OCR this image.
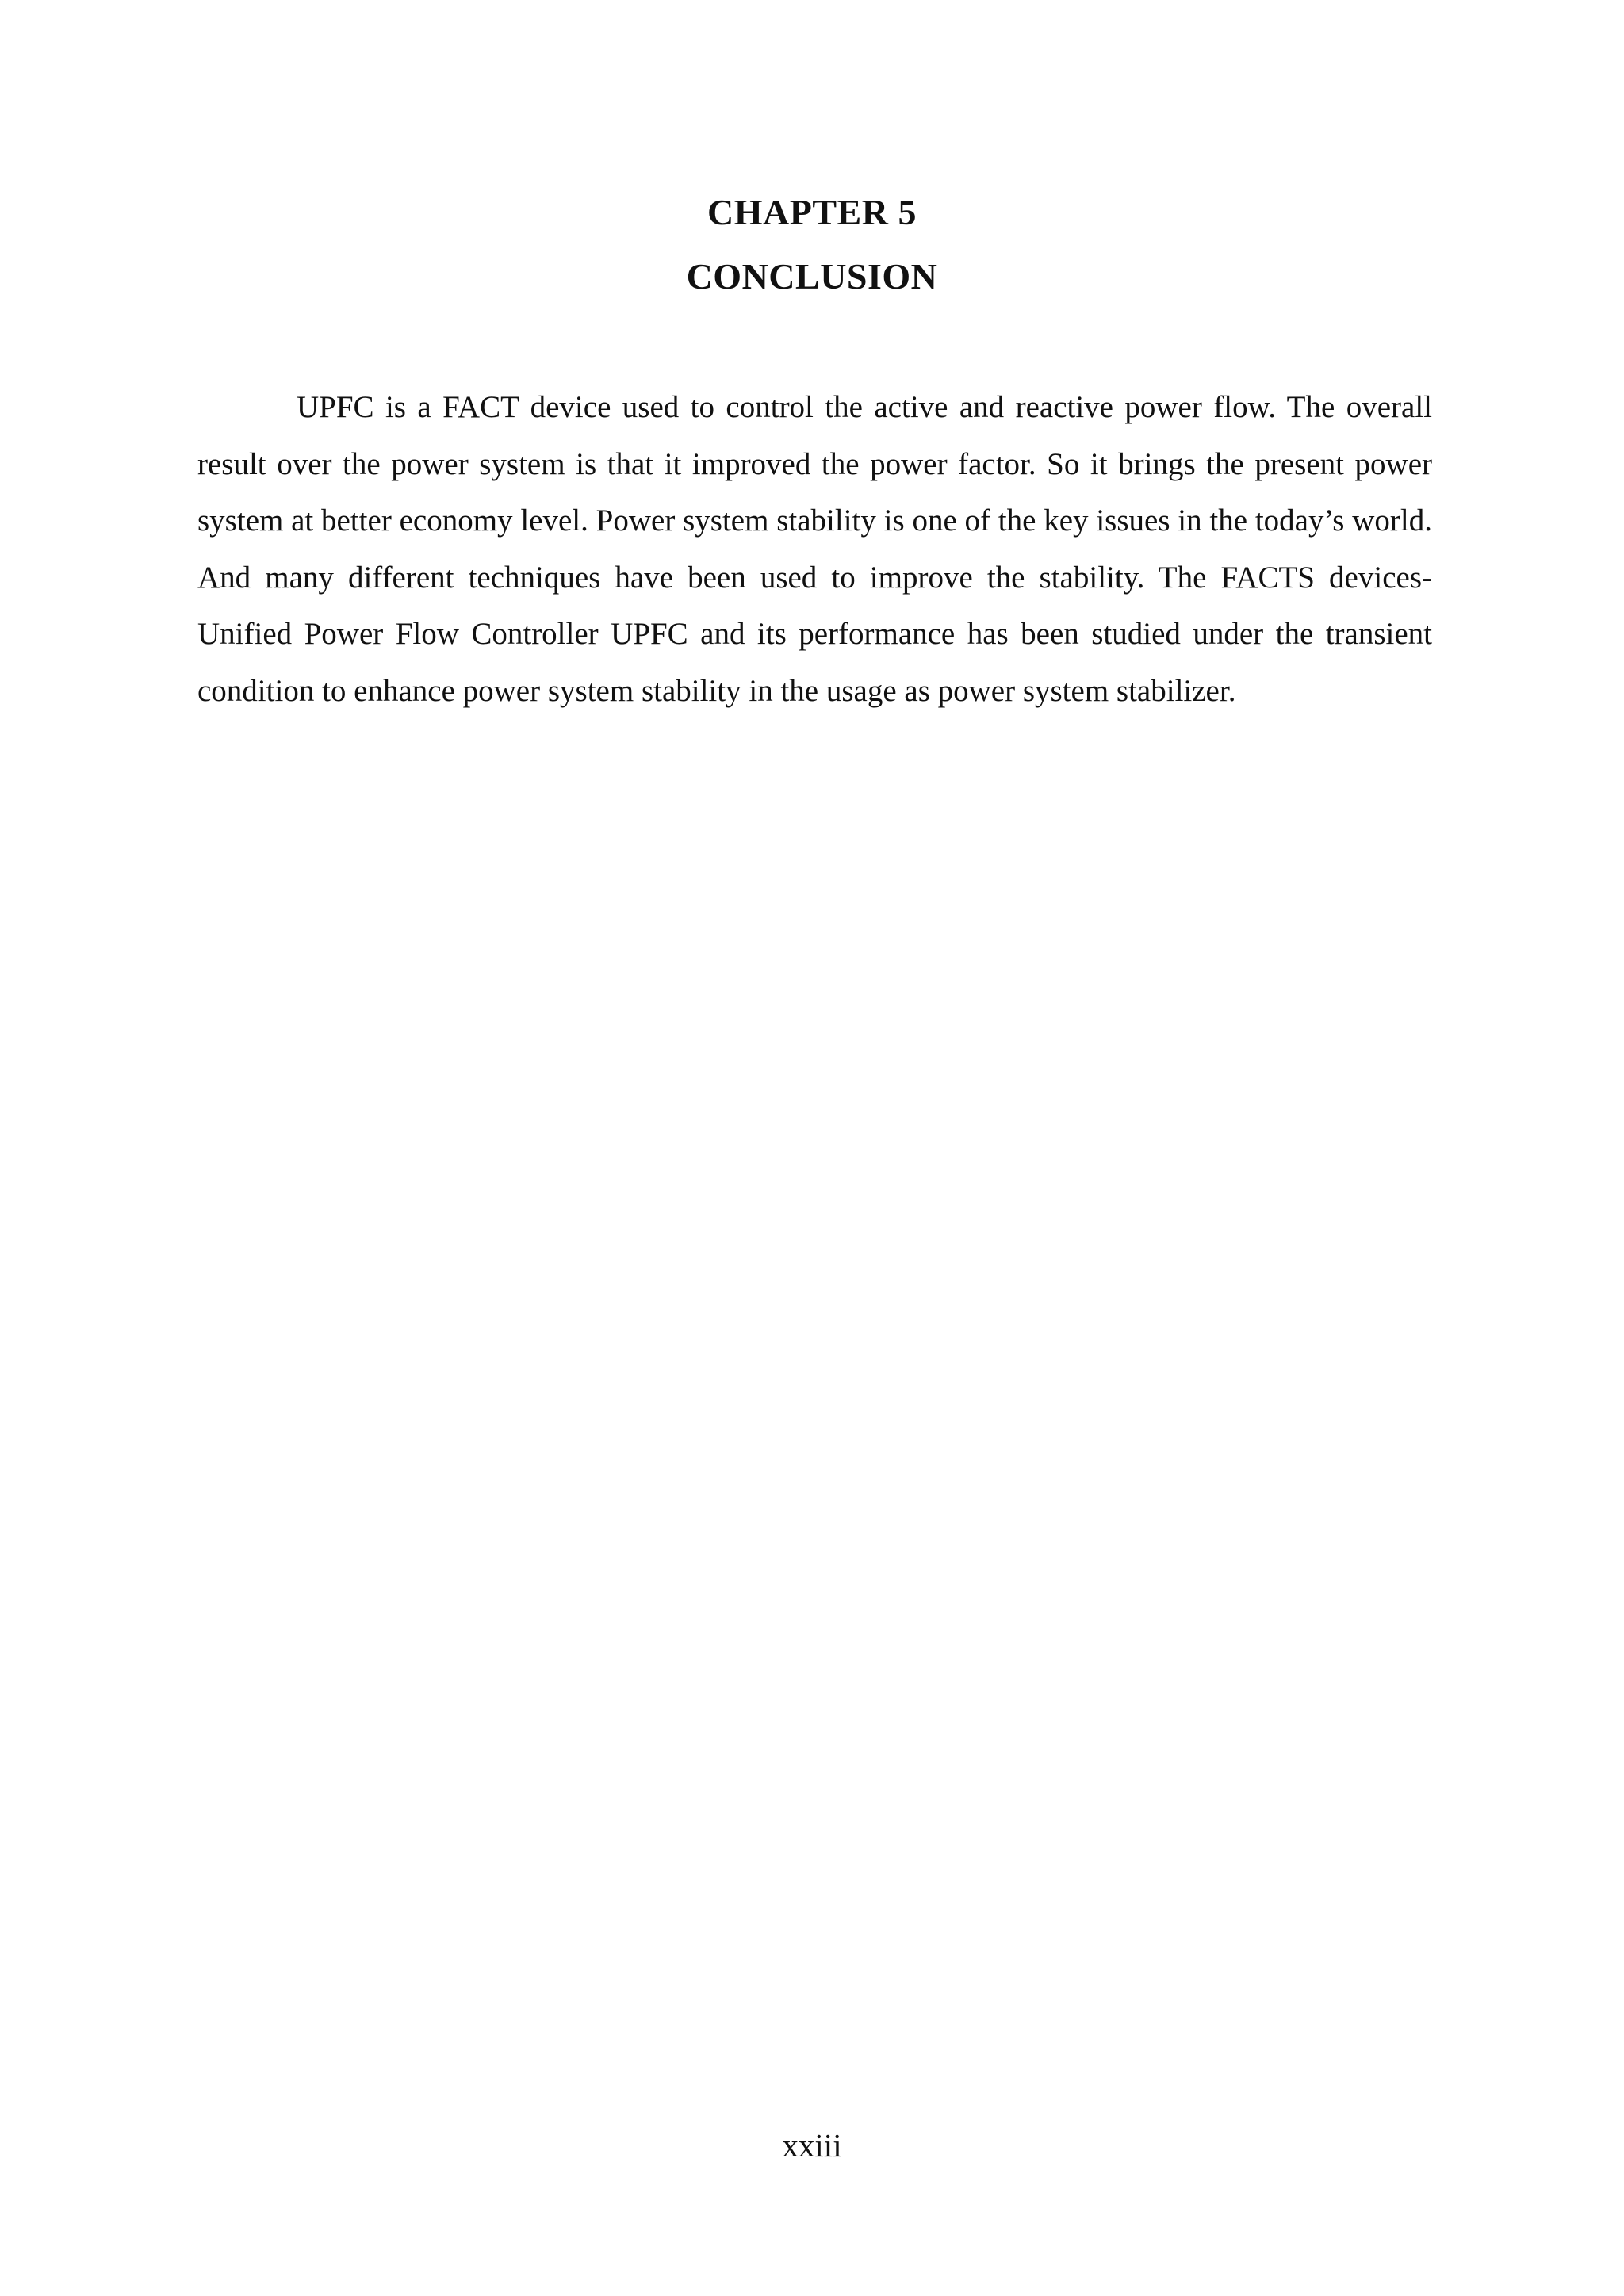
CHAPTER 5
CONCLUSION

UPFC is a FACT device used to control the active and reactive power flow. The overall result over the power system is that it improved the power factor. So it brings the present power system at better economy level. Power system stability is one of the key issues in the today’s world. And many different techniques have been used to improve the stability. The FACTS devices-Unified Power Flow Controller UPFC and its performance has been studied under the transient condition to enhance power system stability in the usage as power system stabilizer.

xxiii
